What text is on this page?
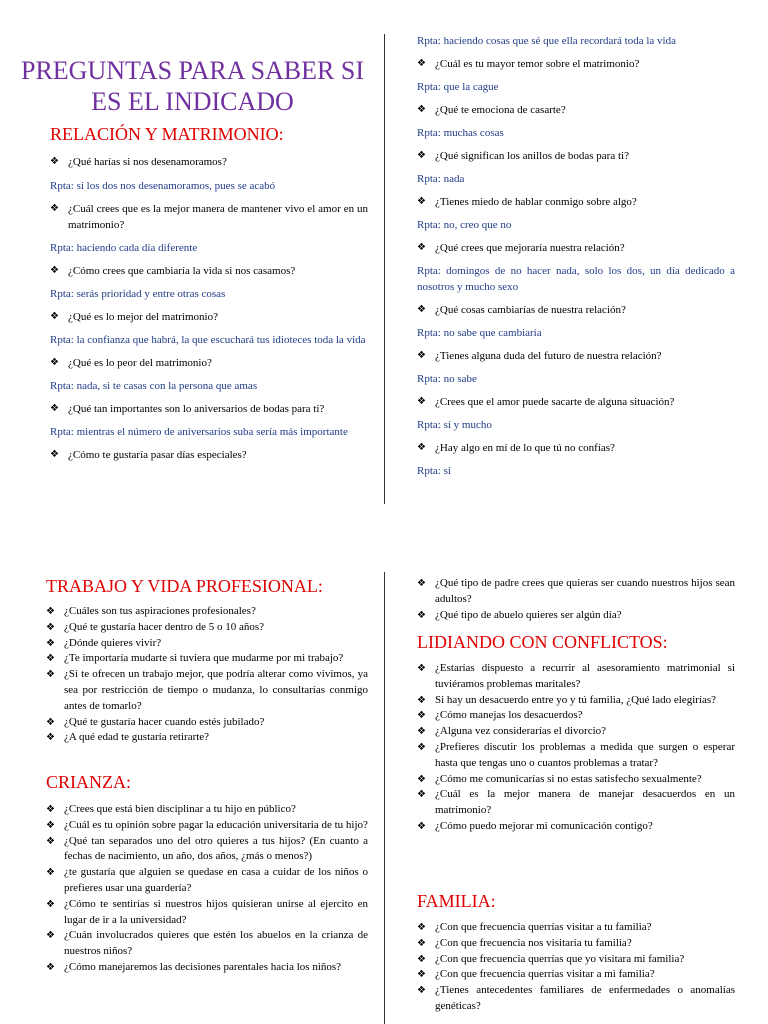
PREGUNTAS PARA SABER SI ES EL INDICADO
RELACIÓN Y MATRIMONIO:
❖ ¿Qué harías si nos desenamoramos?
Rpta: si los dos nos desenamoramos, pues se acabó
❖ ¿Cuál crees que es la mejor manera de mantener vivo el amor en un matrimonio?
Rpta: haciendo cada día diferente
❖ ¿Cómo crees que cambiaría la vida si nos casamos?
Rpta: serás prioridad y entre otras cosas
❖ ¿Qué es lo mejor del matrimonio?
Rpta: la confianza que habrá, la que escuchará tus idioteces toda la vida
❖ ¿Qué es lo peor del matrimonio?
Rpta: nada, si te casas con la persona que amas
❖ ¿Qué tan importantes son lo aniversarios de bodas para ti?
Rpta: mientras el número de aniversarios suba sería más importante
❖ ¿Cómo te gustaría pasar días especiales?
Rpta: haciendo cosas que sé que ella recordará toda la vida
❖ ¿Cuál es tu mayor temor sobre el matrimonio?
Rpta: que la cague
❖ ¿Qué te emociona de casarte?
Rpta: muchas cosas
❖ ¿Qué significan los anillos de bodas para ti?
Rpta: nada
❖ ¿Tienes miedo de hablar conmigo sobre algo?
Rpta: no, creo que no
❖ ¿Qué crees que mejoraría nuestra relación?
Rpta: domingos de no hacer nada, solo los dos, un día dedicado a nosotros y mucho sexo
❖ ¿Qué cosas cambiarías de nuestra relación?
Rpta: no sabe que cambiaría
❖ ¿Tienes alguna duda del futuro de nuestra relación?
Rpta: no sabe
❖ ¿Crees que el amor puede sacarte de alguna situación?
Rpta: sí y mucho
❖ ¿Hay algo en mí de lo que tú no confías?
Rpta: sí
TRABAJO Y VIDA PROFESIONAL:
❖ ¿Cuáles son tus aspiraciones profesionales?
❖ ¿Qué te gustaría hacer dentro de 5 o 10 años?
❖ ¿Dónde quieres vivir?
❖ ¿Te importaría mudarte si tuviera que mudarme por mi trabajo?
❖ ¿Si te ofrecen un trabajo mejor, que podría alterar como vivimos, ya sea por restricción de tiempo o mudanza, lo consultarías conmigo antes de tomarlo?
❖ ¿Qué te gustaría hacer cuando estés jubilado?
❖ ¿A qué edad te gustaría retirarte?
CRIANZA:
❖ ¿Crees que está bien disciplinar a tu hijo en público?
❖ ¿Cuál es tu opinión sobre pagar la educación universitaria de tu hijo?
❖ ¿Qué tan separados uno del otro quieres a tus hijos? (En cuanto a fechas de nacimiento, un año, dos años, ¿más o menos?)
❖ ¿te gustaría que alguien se quedase en casa a cuidar de los niños o prefieres usar una guardería?
❖ ¿Cómo te sentirías si nuestros hijos quisieran unirse al ejercito en lugar de ir a la universidad?
❖ ¿Cuán involucrados quieres que estén los abuelos en la crianza de nuestros niños?
❖ ¿Cómo manejaremos las decisiones parentales hacia los niños?
❖ ¿Qué tipo de padre crees que quieras ser cuando nuestros hijos sean adultos?
❖ ¿Qué tipo de abuelo quieres ser algún día?
LIDIANDO CON CONFLICTOS:
❖ ¿Estarías dispuesto a recurrir al asesoramiento matrimonial si tuviéramos problemas maritales?
❖ Si hay un desacuerdo entre yo y tú familia, ¿Qué lado elegirías?
❖ ¿Cómo manejas los desacuerdos?
❖ ¿Alguna vez considerarías el divorcio?
❖ ¿Prefieres discutir los problemas a medida que surgen o esperar hasta que tengas uno o cuantos problemas a tratar?
❖ ¿Cómo me comunicarías si no estas satisfecho sexualmente?
❖ ¿Cuál es la mejor manera de manejar desacuerdos en un matrimonio?
❖ ¿Cómo puedo mejorar mi comunicación contigo?
FAMILIA:
❖ ¿Con que frecuencia querrías visitar a tu familia?
❖ ¿Con que frecuencia nos visitaría tu familia?
❖ ¿Con que frecuencia querrías que yo visitara mi familia?
❖ ¿Con que frecuencia querrías visitar a mi familia?
❖ ¿Tienes antecedentes familiares de enfermedades o anomalías genéticas?
